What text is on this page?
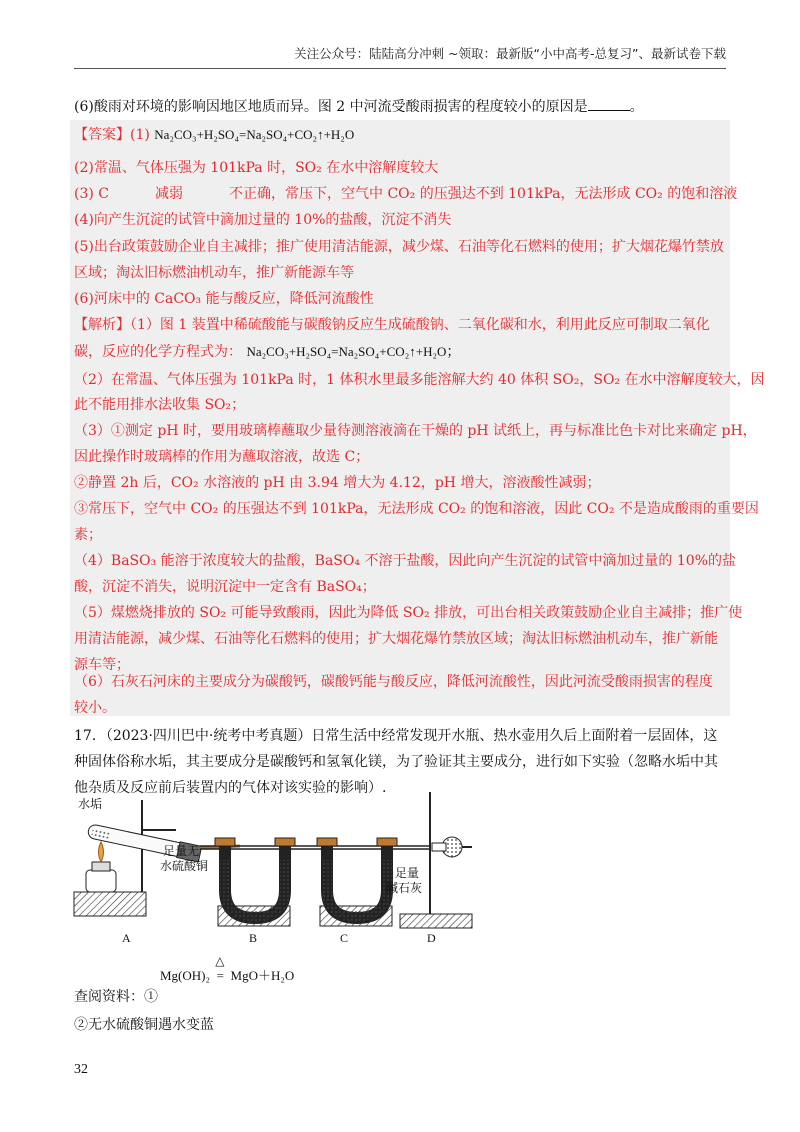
关注公众号：陆陆高分冲刺 ~领取：最新版“小中高考-总复习”、最新试卷下载
(6)酸雨对环境的影响因地区地质而异。图 2 中河流受酸雨损害的程度较小的原因是	。
【答案】(1) Na₂CO₃+H₂SO₄=Na₂SO₄+CO₂↑+H₂O
(2)常温、气体压强为 101kPa 时，SO₂ 在水中溶解度较大
(3) C	减弱	不正确，常压下，空气中 CO₂ 的压强达不到 101kPa，无法形成 CO₂ 的饱和溶液
(4)向产生沉淀的试管中滴加过量的 10%的盐酸，沉淀不消失
(5)出台政策鼓励企业自主减排；推广使用清洁能源，减少煤、石油等化石燃料的使用；扩大烟花爆竹禁放
区域；淘汰旧标燃油机动车，推广新能源车等
(6)河床中的 CaCO₃ 能与酸反应，降低河流酸性
【解析】（1）图 1 装置中稀硫酸能与碳酸钠反应生成硫酸钠、二氧化碳和水，利用此反应可制取二氧化
碳，反应的化学方程式为： Na₂CO₃+H₂SO₄=Na₂SO₄+CO₂↑+H₂O；
（2）在常温、气体压强为 101kPa 时，1 体积水里最多能溶解大约 40 体积 SO₂，SO₂ 在水中溶解度较大，因
此不能用排水法收集 SO₂；
（3）①测定 pH 时，要用玻璃棒蘸取少量待测溶液滴在干燥的 pH 试纸上，再与标准比色卡对比来确定 pH，
因此操作时玻璃棒的作用为蘸取溶液，故选 C；
②静置 2h 后，CO₂ 水溶液的 pH 由 3.94 增大为 4.12，pH 增大，溶液酸性减弱；
③常压下，空气中 CO₂ 的压强达不到 101kPa，无法形成 CO₂ 的饱和溶液，因此 CO₂ 不是造成酸雨的重要因
素；
（4）BaSO₃ 能溶于浓度较大的盐酸，BaSO₄ 不溶于盐酸，因此向产生沉淀的试管中滴加过量的 10%的盐
酸，沉淀不消失，说明沉淀中一定含有 BaSO₄；
（5）煤燃烧排放的 SO₂ 可能导致酸雨，因此为降低 SO₂ 排放，可出台相关政策鼓励企业自主减排；推广使
用清洁能源，减少煤、石油等化石燃料的使用；扩大烟花爆竹禁放区域；淘汰旧标燃油机动车，推广新能
源车等；
（6）石灰石河床的主要成分为碳酸钙，碳酸钙能与酸反应，降低河流酸性，因此河流受酸雨损害的程度
较小。
17．（2023·四川巴中·统考中考真题）日常生活中经常发现开水瓶、热水壶用久后上面附着一层固体，这
种固体俗称水垢，其主要成分是碳酸钙和氢氧化镁，为了验证其主要成分，进行如下实验（忽略水垢中其
他杂质及反应前后装置内的气体对该实验的影响）.
水垢
足量无
水硫酸铜	足量
碱石灰
A	B	C	D
Mg(OH)₂ =
△
MgO＋H₂O
查阅资料：①
②无水硫酸铜遇水变蓝
32
